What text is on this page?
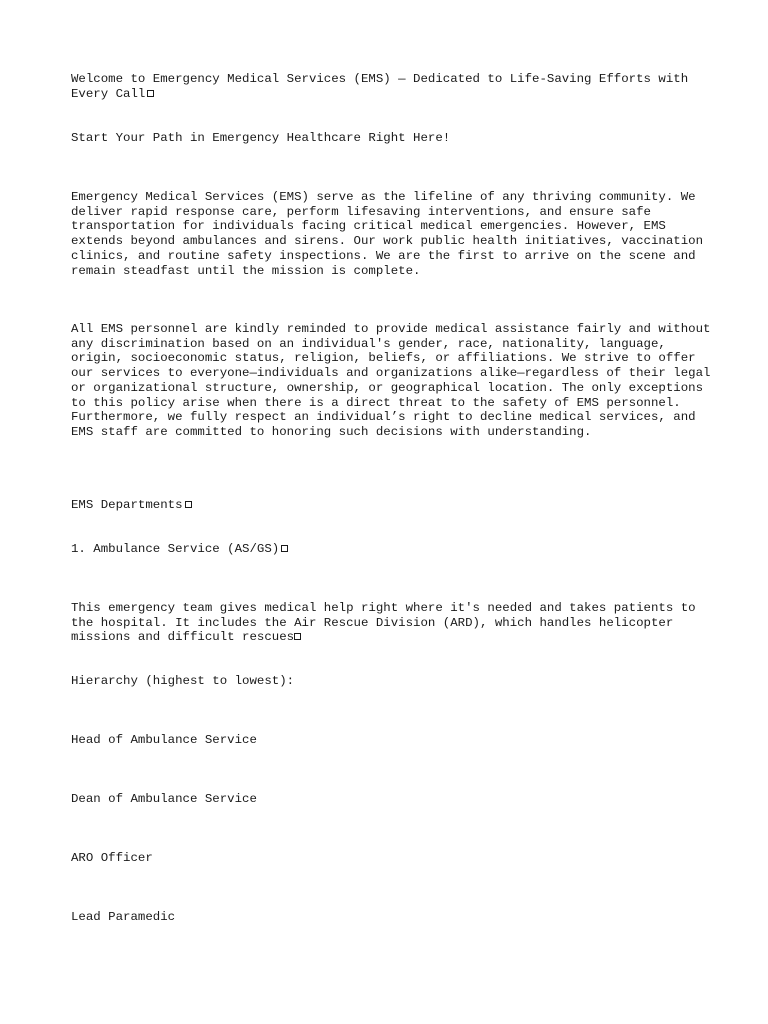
Welcome to Emergency Medical Services (EMS) — Dedicated to Life-Saving Efforts with Every Call

Start Your Path in Emergency Healthcare Right Here!

Emergency Medical Services (EMS) serve as the lifeline of any thriving community. We deliver rapid response care, perform lifesaving interventions, and ensure safe transportation for individuals facing critical medical emergencies. However, EMS extends beyond ambulances and sirens. Our work public health initiatives, vaccination clinics, and routine safety inspections. We are the first to arrive on the scene and remain steadfast until the mission is complete.

All EMS personnel are kindly reminded to provide medical assistance fairly and without any discrimination based on an individual's gender, race, nationality, language, origin, socioeconomic status, religion, beliefs, or affiliations. We strive to offer our services to everyone—individuals and organizations alike—regardless of their legal or organizational structure, ownership, or geographical location. The only exceptions to this policy arise when there is a direct threat to the safety of EMS personnel. Furthermore, we fully respect an individual’s right to decline medical services, and EMS staff are committed to honoring such decisions with understanding.

EMS Departments

1. Ambulance Service (AS/GS)

This emergency team gives medical help right where it's needed and takes patients to the hospital. It includes the Air Rescue Division (ARD), which handles helicopter missions and difficult rescues

Hierarchy (highest to lowest):

Head of Ambulance Service

Dean of Ambulance Service

ARO Officer

Lead Paramedic
